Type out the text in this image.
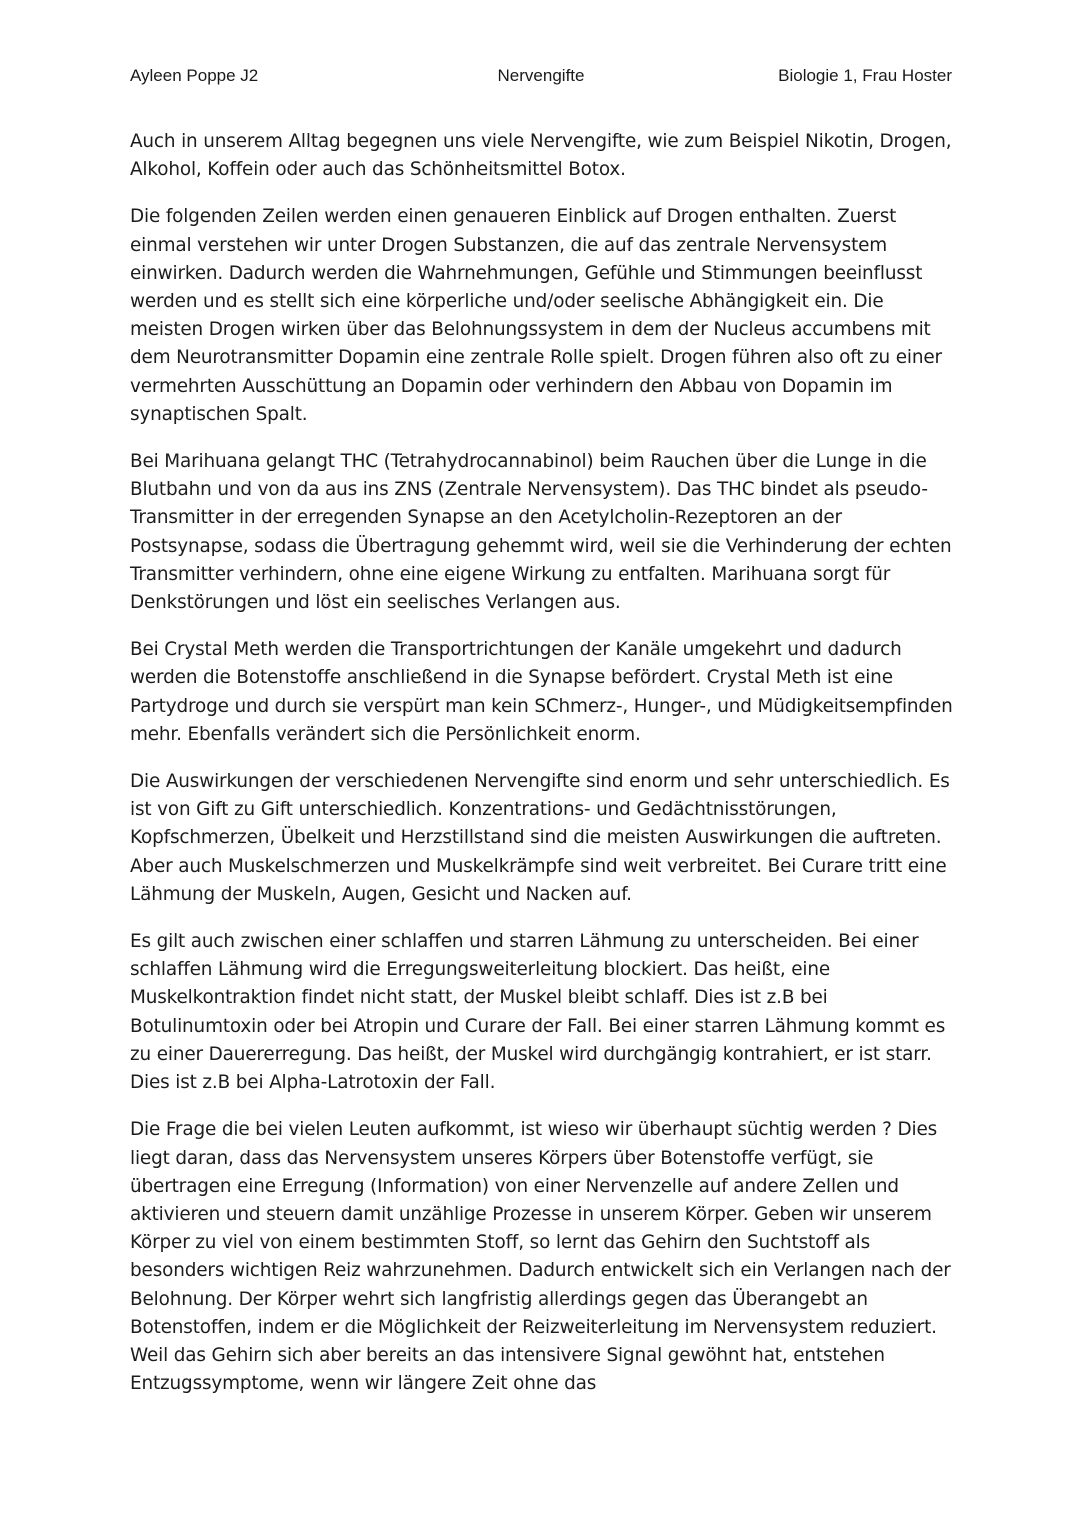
Ayleen Poppe J2	Nervengifte	Biologie 1, Frau Hoster

Auch in unserem Alltag begegnen uns viele Nervengifte, wie zum Beispiel Nikotin, Drogen, Alkohol, Koffein oder auch das Schönheitsmittel Botox.

Die folgenden Zeilen werden einen genaueren Einblick auf Drogen enthalten. Zuerst einmal verstehen wir unter Drogen Substanzen, die auf das zentrale Nervensystem einwirken. Dadurch werden die Wahrnehmungen, Gefühle und Stimmungen beeinflusst werden und es stellt sich eine körperliche und/oder seelische Abhängigkeit ein. Die meisten Drogen wirken über das Belohnungssystem in dem der Nucleus accumbens mit dem Neurotransmitter Dopamin eine zentrale Rolle spielt. Drogen führen also oft zu einer vermehrten Ausschüttung an Dopamin oder verhindern den Abbau von Dopamin im synaptischen Spalt.

Bei Marihuana gelangt THC (Tetrahydrocannabinol) beim Rauchen über die Lunge in die Blutbahn und von da aus ins ZNS (Zentrale Nervensystem). Das THC bindet als pseudo-Transmitter in der erregenden Synapse an den Acetylcholin-Rezeptoren an der Postsynapse, sodass die Übertragung gehemmt wird, weil sie die Verhinderung der echten Transmitter verhindern, ohne eine eigene Wirkung zu entfalten. Marihuana sorgt für Denkstörungen und löst ein seelisches Verlangen aus.

Bei Crystal Meth werden die Transportrichtungen der Kanäle umgekehrt und dadurch werden die Botenstoffe anschließend in die Synapse befördert. Crystal Meth ist eine Partydroge und durch sie verspürt man kein SChmerz-, Hunger-, und Müdigkeitsempfinden mehr. Ebenfalls verändert sich die Persönlichkeit enorm.

Die Auswirkungen der verschiedenen Nervengifte sind enorm und sehr unterschiedlich. Es ist von Gift zu Gift unterschiedlich. Konzentrations- und Gedächtnisstörungen, Kopfschmerzen, Übelkeit und Herzstillstand sind die meisten Auswirkungen die auftreten. Aber auch Muskelschmerzen und Muskelkrämpfe sind weit verbreitet. Bei Curare tritt eine Lähmung der Muskeln, Augen, Gesicht und Nacken auf.

Es gilt auch zwischen einer schlaffen und starren Lähmung zu unterscheiden. Bei einer schlaffen Lähmung wird die Erregungsweiterleitung blockiert. Das heißt, eine Muskelkontraktion findet nicht statt, der Muskel bleibt schlaff. Dies ist z.B bei Botulinumtoxin oder bei Atropin und Curare der Fall. Bei einer starren Lähmung kommt es zu einer Dauererregung. Das heißt, der Muskel wird durchgängig kontrahiert, er ist starr. Dies ist z.B bei Alpha-Latrotoxin der Fall.

Die Frage die bei vielen Leuten aufkommt, ist wieso wir überhaupt süchtig werden ? Dies liegt daran, dass das Nervensystem unseres Körpers über Botenstoffe verfügt, sie übertragen eine Erregung (Information) von einer Nervenzelle auf andere Zellen und aktivieren und steuern damit unzählige Prozesse in unserem Körper. Geben wir unserem Körper zu viel von einem bestimmten Stoff, so lernt das Gehirn den Suchtstoff als besonders wichtigen Reiz wahrzunehmen. Dadurch entwickelt sich ein Verlangen nach der Belohnung. Der Körper wehrt sich langfristig allerdings gegen das Überangebt an Botenstoffen, indem er die Möglichkeit der Reizweiterleitung im Nervensystem reduziert. Weil das Gehirn sich aber bereits an das intensivere Signal gewöhnt hat, entstehen Entzugssymptome, wenn wir längere Zeit ohne das
